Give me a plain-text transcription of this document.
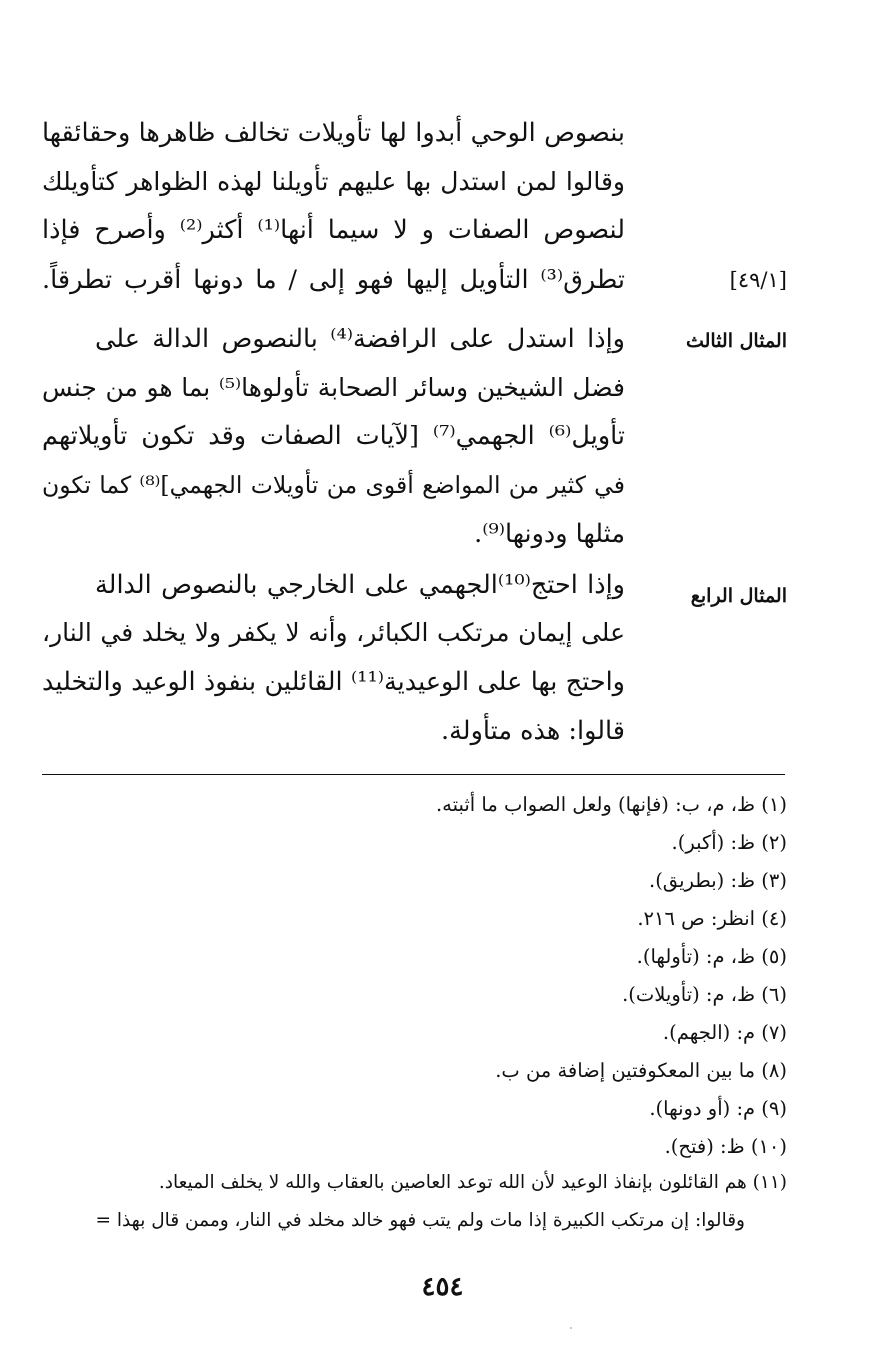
بنصوص الوحي أبدوا لها تأويلات تخالف ظاهرها وحقائقها
وقالوا لمن استدل بها عليهم تأويلنا لهذه الظواهر كتأويلك
لنصوص الصفات و لا سيما أنها⁽¹⁾ أكثر⁽²⁾ وأصرح فإذا
تطرق⁽³⁾ التأويل إليها فهو إلى / ما دونها أقرب تطرقاً.	[٤٩/١]
المثال الثالث
وإذا استدل على الرافضة⁽⁴⁾ بالنصوص الدالة على
فضل الشيخين وسائر الصحابة تأولوها⁽⁵⁾ بما هو من جنس
تأويل⁽⁶⁾ الجهمي⁽⁷⁾ [لآيات الصفات وقد تكون تأويلاتهم
في كثير من المواضع أقوى من تأويلات الجهمي]⁽⁸⁾ كما تكون
مثلها ودونها⁽⁹⁾.
المثال الرابع
وإذا احتج⁽¹⁰⁾الجهمي على الخارجي بالنصوص الدالة
على إيمان مرتكب الكبائر، وأنه لا يكفر ولا يخلد في النار،
واحتج بها على الوعيدية⁽¹¹⁾ القائلين بنفوذ الوعيد والتخليد
قالوا: هذه متأولة.
(١) ظ، م، ب: (فإنها) ولعل الصواب ما أثبته.
(٢) ظ: (أكبر).
(٣) ظ: (بطريق).
(٤) انظر: ص ٢١٦.
(٥) ظ، م: (تأولها).
(٦) ظ، م: (تأويلات).
(٧) م: (الجهم).
(٨) ما بين المعكوفتين إضافة من ب.
(٩) م: (أو دونها).
(١٠) ظ: (فتح).
(١١) هم القائلون بإنفاذ الوعيد لأن الله توعد العاصين بالعقاب والله لا يخلف الميعاد.
وقالوا: إن مرتكب الكبيرة إذا مات ولم يتب فهو خالد مخلد في النار، وممن قال بهذا =
٤٥٤
